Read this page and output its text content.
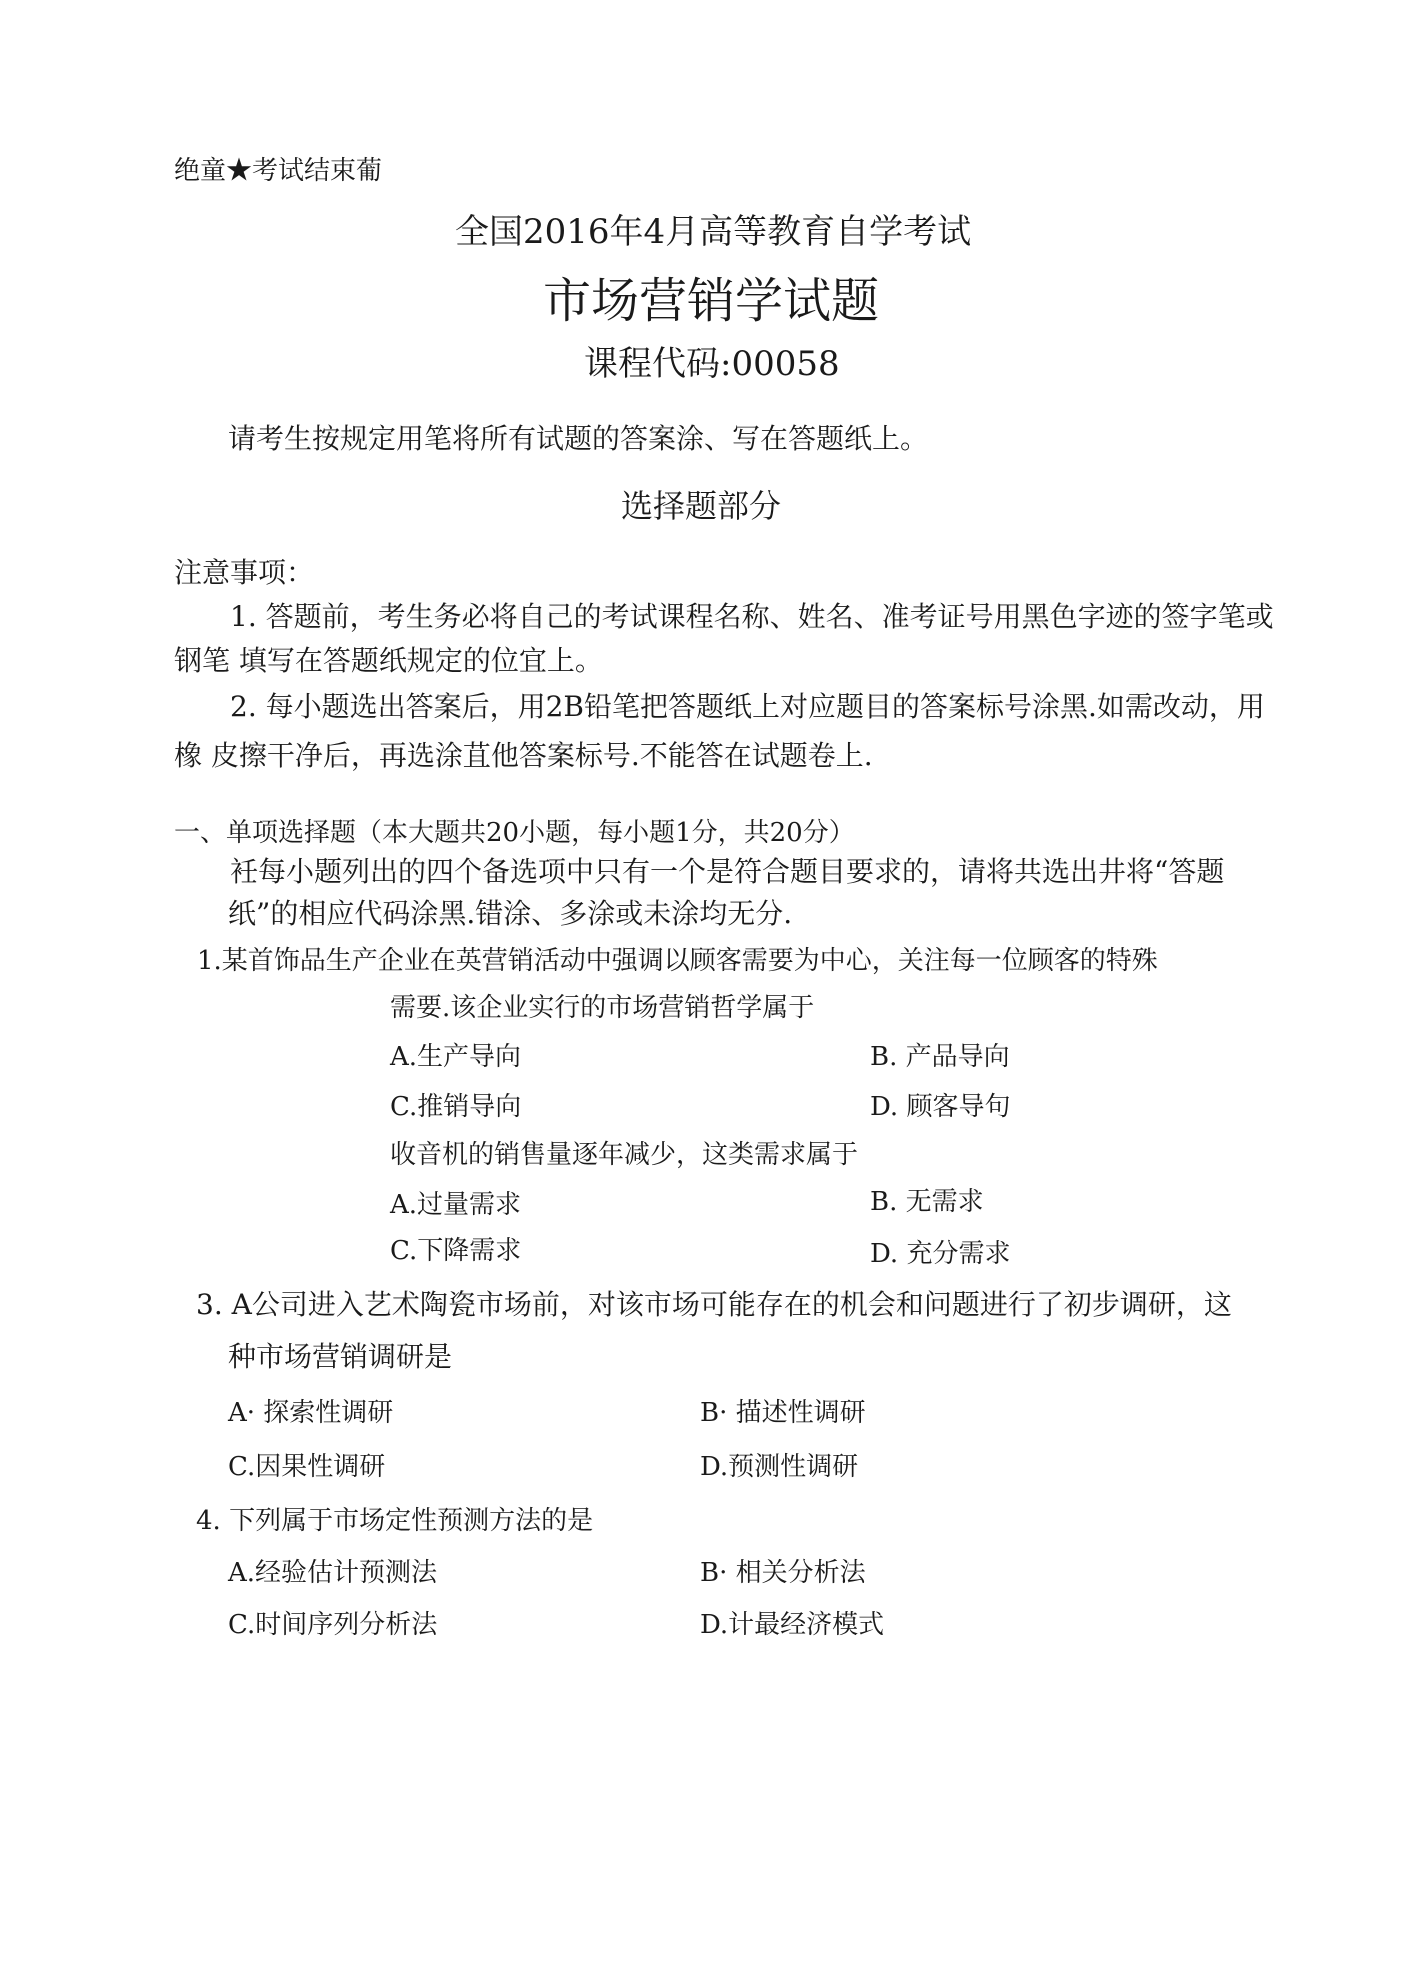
绝童★考试结束葡
全国2016年4月高等教育自学考试
市场营销学试题
课程代码:00058
请考生按规定用笔将所有试题的答案涂、写在答题纸上。
选择题部分
注意事项：
1. 答题前，考生务必将自己的考试课程名称、姓名、准考证号用黑色字迹的签字笔或
钢笔 填写在答题纸规定的位宜上。
2. 每小题选出答案后，用2B铅笔把答题纸上对应题目的答案标号涂黑.如需改动，用
橡 皮擦干净后，再选涂苴他答案标号.不能答在试题卷上.
一、单项选择题（本大题共20小题，每小题1分，共20分）
衽每小题列出的四个备选项中只有一个是符合题目要求的，请将共选出井将“答题
纸”的相应代码涂黑.错涂、多涂或未涂均无分.
1.某首饰品生产企业在英营销活动中强调以顾客需要为中心，关注每一位顾客的特殊
需要.该企业实行的市场营销哲学属于
A.生产导向	B. 产品导向
C.推销导向	D. 顾客导句
收音机的销售量逐年减少，这类需求属于
A.过量需求	B. 无需求
C.下降需求	D. 充分需求
3. A公司进入艺术陶瓷市场前，对该市场可能存在的机会和问题进行了初步调研，这
种市场营销调研是
A· 探索性调研	B· 描述性调研
C.因果性调研	D.预测性调研
4. 下列属于市场定性预测方法的是
A.经验估计预测法	B· 相关分析法
C.时间序列分析法	D.计最经济模式
